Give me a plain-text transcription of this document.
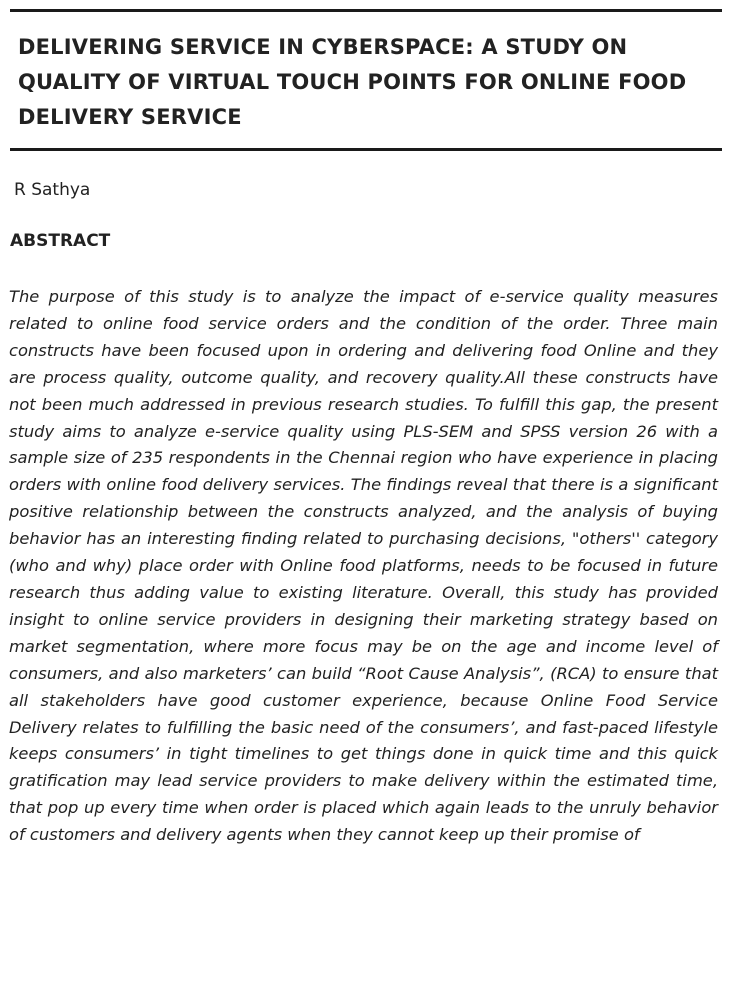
DELIVERING SERVICE IN CYBERSPACE: A STUDY ON QUALITY OF VIRTUAL TOUCH POINTS FOR ONLINE FOOD DELIVERY SERVICE

R Sathya

ABSTRACT

The purpose of this study is to analyze the impact of e-service quality measures related to online food service orders and the condition of the order. Three main constructs have been focused upon in ordering and delivering food Online and they are process quality, outcome quality, and recovery quality.All these constructs have not been much addressed in previous research studies. To fulfill this gap, the present study aims to analyze e-service quality using PLS-SEM and SPSS version 26 with a sample size of 235 respondents in the Chennai region who have experience in placing orders with online food delivery services. The findings reveal that there is a significant positive relationship between the constructs analyzed, and the analysis of buying behavior has an interesting finding related to purchasing decisions, "others'' category (who and why) place order with Online food platforms, needs to be focused in future research thus adding value to existing literature. Overall, this study has provided insight to online service providers in designing their marketing strategy based on market segmentation, where more focus may be on the age and income level of consumers, and also marketers’ can build “Root Cause Analysis”, (RCA) to ensure that all stakeholders have good customer experience, because Online Food Service Delivery relates to fulfilling the basic need of the consumers’, and fast-paced lifestyle keeps consumers’ in tight timelines to get things done in quick time and this quick gratification may lead service providers to make delivery within the estimated time, that pop up every time when order is placed which again leads to the unruly behavior of customers and delivery agents when they cannot keep up their promise of
